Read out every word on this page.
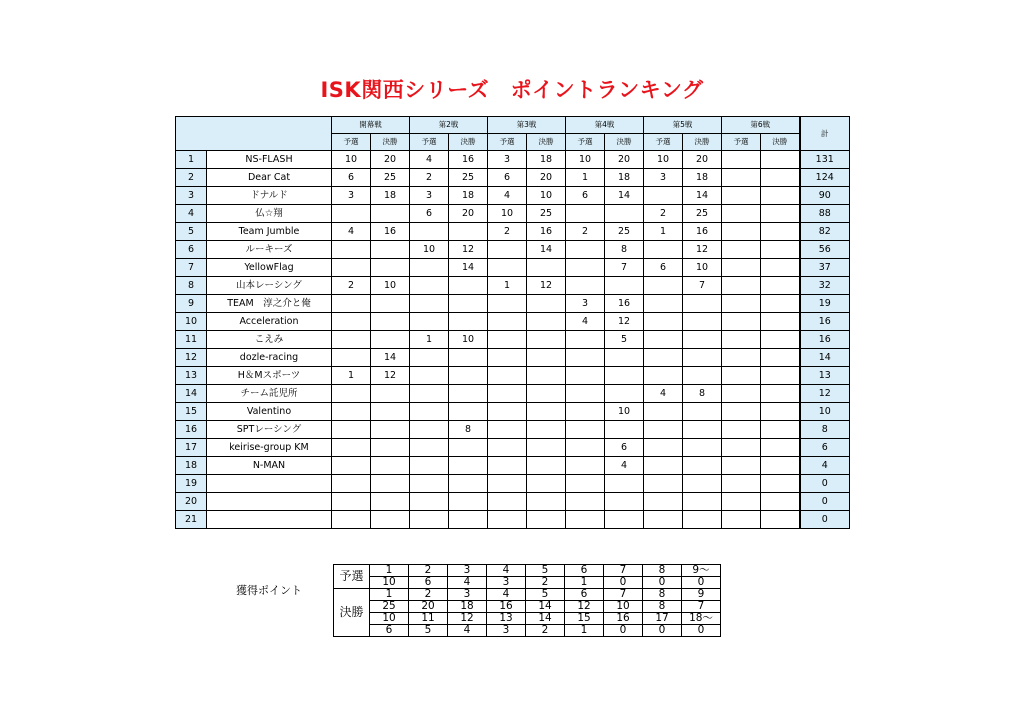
ISK関西シリーズ　ポイントランキング
		開幕戦		第2戦		第3戦		第4戦		第5戦		第6戦		計
		予選	決勝	予選	決勝	予選	決勝	予選	決勝	予選	決勝	予選	決勝	
1	NS-FLASH	10	20	4	16	3	18	10	20	10	20			131
2	Dear Cat	6	25	2	25	6	20	1	18	3	18			124
3	ドナルド	3	18	3	18	4	10	6	14		14			90
4	仏☆翔			6	20	10	25			2	25			88
5	Team Jumble	4	16			2	16	2	25	1	16			82
6	ルーキーズ			10	12		14		8		12			56
7	YellowFlag				14				7	6	10			37
8	山本レーシング	2	10			1	12				7			32
9	TEAM　淳之介と俺							3	16					19
10	Acceleration							4	12					16
11	こえみ			1	10				5					16
12	dozle-racing		14											14
13	H＆Mスポーツ	1	12											13
14	チーム託児所									4	8			12
15	Valentino								10					10
16	SPTレーシング				8									8
17	keirise-group KM								6					6
18	N-MAN								4					4
19														0
20														0
21														0
獲得ポイント
予選	1	2	3	4	5	6	7	8	9〜
	10	6	4	3	2	1	0	0	0
決勝	1	2	3	4	5	6	7	8	9
	25	20	18	16	14	12	10	8	7
	10	11	12	13	14	15	16	17	18〜
	6	5	4	3	2	1	0	0	0
